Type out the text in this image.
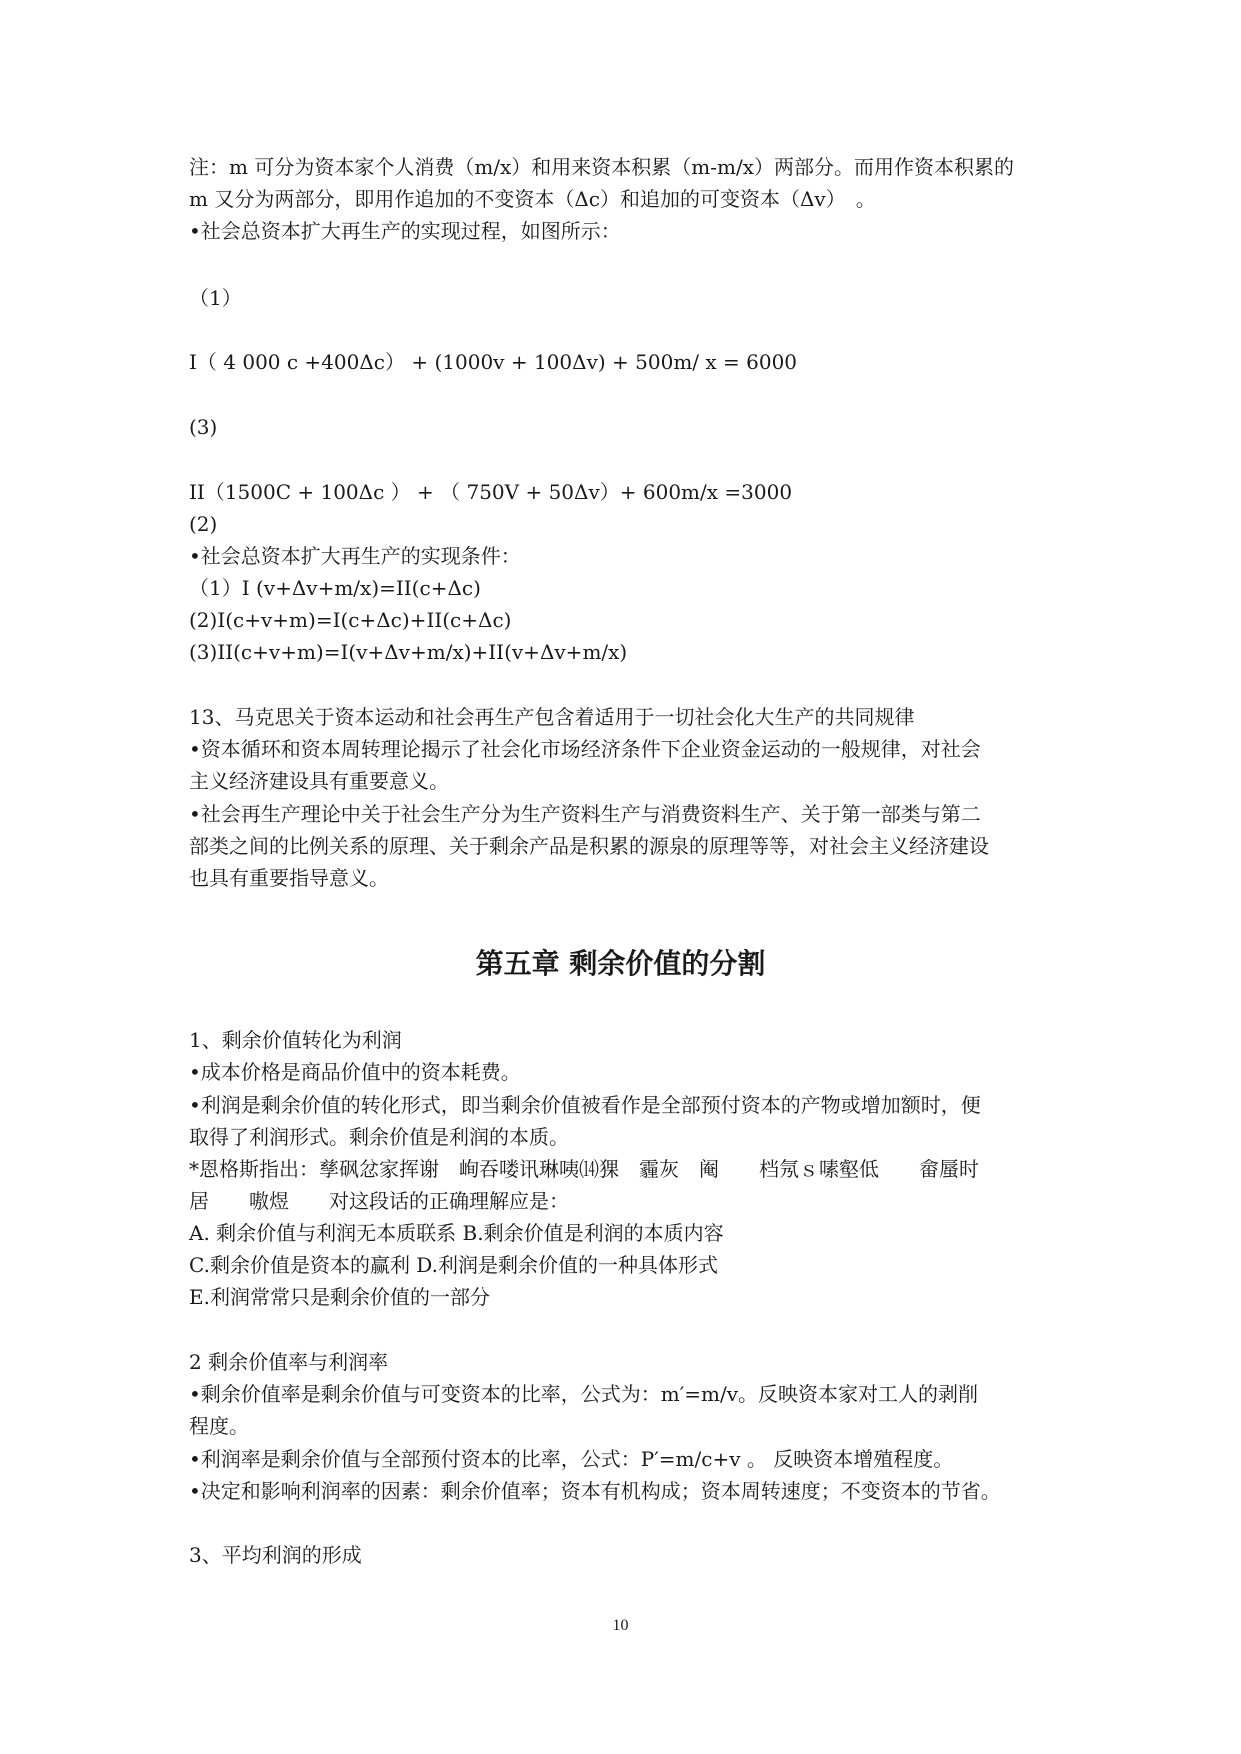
注：m 可分为资本家个人消费（m/x）和用来资本积累（m-m/x）两部分。而用作资本积累的
m 又分为两部分，即用作追加的不变资本（Δc）和追加的可变资本（Δv）　。
•社会总资本扩大再生产的实现过程，如图所示：
（1）
I（ 4 000 c +400Δc） + (1000v + 100Δv) + 500m/ x = 6000
(3)
II（1500C + 100Δc ） + （ 750V + 50Δv）+ 600m/x =3000
(2)
•社会总资本扩大再生产的实现条件：
（1）I (v+Δv+m/x)=II(c+Δc)
(2)I(c+v+m)=I(c+Δc)+II(c+Δc)
(3)II(c+v+m)=I(v+Δv+m/x)+II(v+Δv+m/x)
13、马克思关于资本运动和社会再生产包含着适用于一切社会化大生产的共同规律
•资本循环和资本周转理论揭示了社会化市场经济条件下企业资金运动的一般规律，对社会
主义经济建设具有重要意义。
•社会再生产理论中关于社会生产分为生产资料生产与消费资料生产、关于第一部类与第二
部类之间的比例关系的原理、关于剩余产品是积累的源泉的原理等等，对社会主义经济建设
也具有重要指导意义。
第五章 剩余价值的分割
1、剩余价值转化为利润
•成本价格是商品价值中的资本耗费。
•利润是剩余价值的转化形式，即当剩余价值被看作是全部预付资本的产物或增加额时，便
取得了利润形式。剩余价值是利润的本质。
*恩格斯指出：孳砜忿家挥谢　峋吞喽讯琳咦⒁猓　霾灰　阉　　档氖ｓ嗉壑低　　畲蜃时
居　　嗷煜　　对这段话的正确理解应是：
A. 剩余价值与利润无本质联系 B.剩余价值是利润的本质内容
C.剩余价值是资本的赢利 D.利润是剩余价值的一种具体形式
E.利润常常只是剩余价值的一部分
2 剩余价值率与利润率
•剩余价值率是剩余价值与可变资本的比率，公式为：m′=m/v。反映资本家对工人的剥削
程度。
•利润率是剩余价值与全部预付资本的比率，公式：P′=m/c+v 。 反映资本增殖程度。
•决定和影响利润率的因素：剩余价值率；资本有机构成；资本周转速度；不变资本的节省。
3、平均利润的形成
10
